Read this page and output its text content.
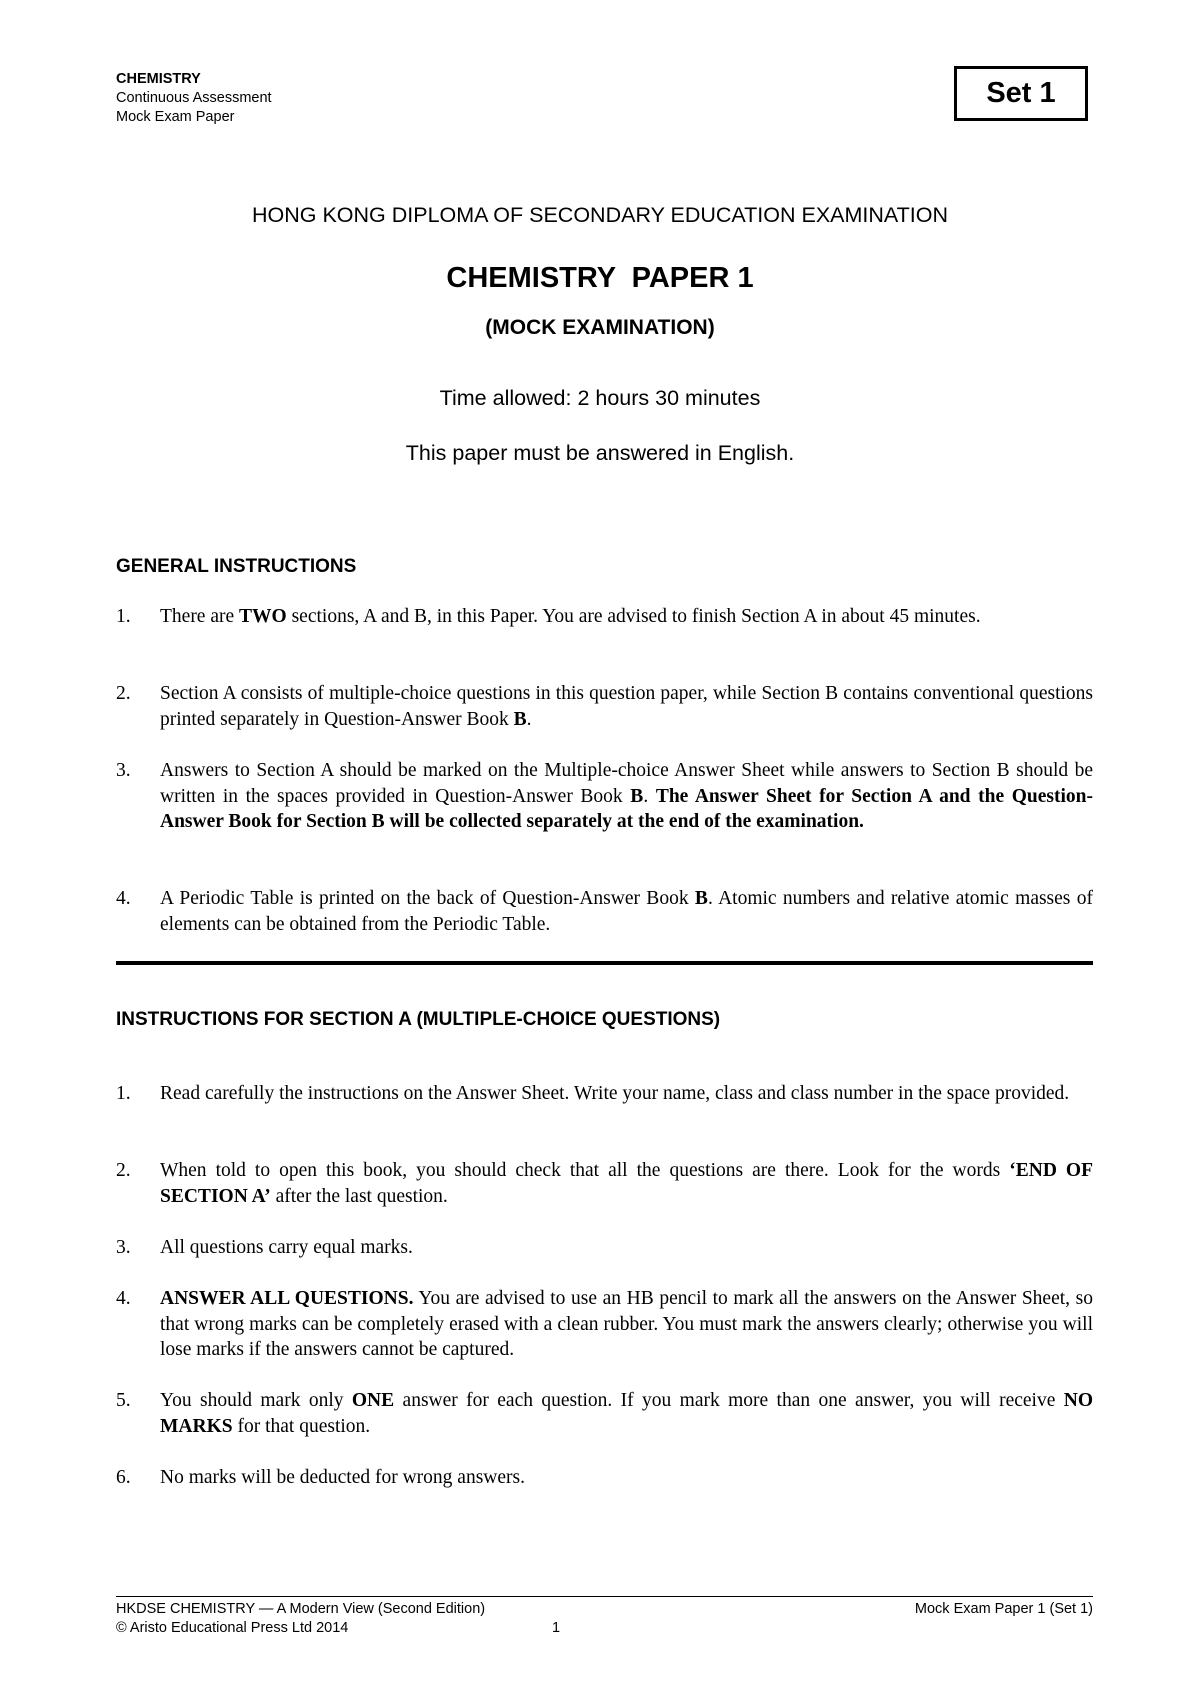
CHEMISTRY
Continuous Assessment
Mock Exam Paper
Set 1
HONG KONG DIPLOMA OF SECONDARY EDUCATION EXAMINATION
CHEMISTRY  PAPER 1
(MOCK EXAMINATION)
Time allowed: 2 hours 30 minutes
This paper must be answered in English.
GENERAL INSTRUCTIONS
1. There are TWO sections, A and B, in this Paper. You are advised to finish Section A in about 45 minutes.
2. Section A consists of multiple-choice questions in this question paper, while Section B contains conventional questions printed separately in Question-Answer Book B.
3. Answers to Section A should be marked on the Multiple-choice Answer Sheet while answers to Section B should be written in the spaces provided in Question-Answer Book B. The Answer Sheet for Section A and the Question-Answer Book for Section B will be collected separately at the end of the examination.
4. A Periodic Table is printed on the back of Question-Answer Book B. Atomic numbers and relative atomic masses of elements can be obtained from the Periodic Table.
INSTRUCTIONS FOR SECTION A (MULTIPLE-CHOICE QUESTIONS)
1. Read carefully the instructions on the Answer Sheet. Write your name, class and class number in the space provided.
2. When told to open this book, you should check that all the questions are there. Look for the words ‘END OF SECTION A’ after the last question.
3. All questions carry equal marks.
4. ANSWER ALL QUESTIONS. You are advised to use an HB pencil to mark all the answers on the Answer Sheet, so that wrong marks can be completely erased with a clean rubber. You must mark the answers clearly; otherwise you will lose marks if the answers cannot be captured.
5. You should mark only ONE answer for each question. If you mark more than one answer, you will receive NO MARKS for that question.
6. No marks will be deducted for wrong answers.
HKDSE CHEMISTRY — A Modern View (Second Edition)
© Aristo Educational Press Ltd 2014	1
Mock Exam Paper 1 (Set 1)
